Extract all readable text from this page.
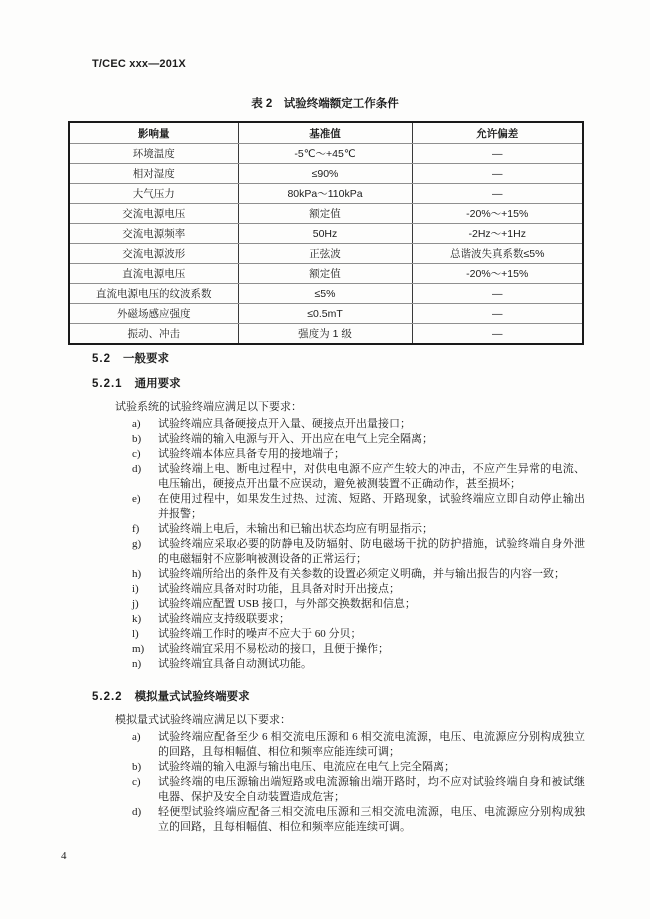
T/CEC xxx—201X
表 2　试验终端额定工作条件
影响量	基准值	允许偏差
环境温度	-5℃～+45℃	—
相对湿度	≤90%	—
大气压力	80kPa～110kPa	—
交流电源电压	额定值	-20%～+15%
交流电源频率	50Hz	-2Hz～+1Hz
交流电源波形	正弦波	总谐波失真系数≤5%
直流电源电压	额定值	-20%～+15%
直流电源电压的纹波系数	≤5%	—
外磁场感应强度	≤0.5mT	—
振动、冲击	强度为 1 级	—
5.2 一般要求
5.2.1 通用要求

试验系统的试验终端应满足以下要求：

a)	试验终端应具备硬接点开入量、硬接点开出量接口；
b)	试验终端的输入电源与开入、开出应在电气上完全隔离；
c)	试验终端本体应具备专用的接地端子；
d)	试验终端上电、断电过程中，对供电电源不应产生较大的冲击，不应产生异常的电流、电压输出，硬接点开出量不应误动，避免被测装置不正确动作，甚至损坏；
e)	在使用过程中，如果发生过热、过流、短路、开路现象，试验终端应立即自动停止输出并报警；
f)	试验终端上电后，未输出和已输出状态均应有明显指示；
g)	试验终端应采取必要的防静电及防辐射、防电磁场干扰的防护措施，试验终端自身外泄的电磁辐射不应影响被测设备的正常运行；
h)	试验终端所给出的条件及有关参数的设置必须定义明确，并与输出报告的内容一致；
i)	试验终端应具备对时功能，且具备对时开出接点；
j)	试验终端应配置 USB 接口，与外部交换数据和信息；
k)	试验终端应支持级联要求；
l)	试验终端工作时的噪声不应大于 60 分贝；
m)	试验终端宜采用不易松动的接口，且便于操作；
n)	试验终端宜具备自动测试功能。
5.2.2 模拟量式试验终端要求

模拟量式试验终端应满足以下要求：

a)	试验终端应配备至少 6 相交流电压源和 6 相交流电流源，电压、电流源应分别构成独立的回路，且每相幅值、相位和频率应能连续可调；
b)	试验终端的输入电源与输出电压、电流应在电气上完全隔离；
c)	试验终端的电压源输出端短路或电流源输出端开路时，均不应对试验终端自身和被试继电器、保护及安全自动装置造成危害；
d)	轻便型试验终端应配备三相交流电压源和三相交流电流源，电压、电流源应分别构成独立的回路，且每相幅值、相位和频率应能连续可调。
4
